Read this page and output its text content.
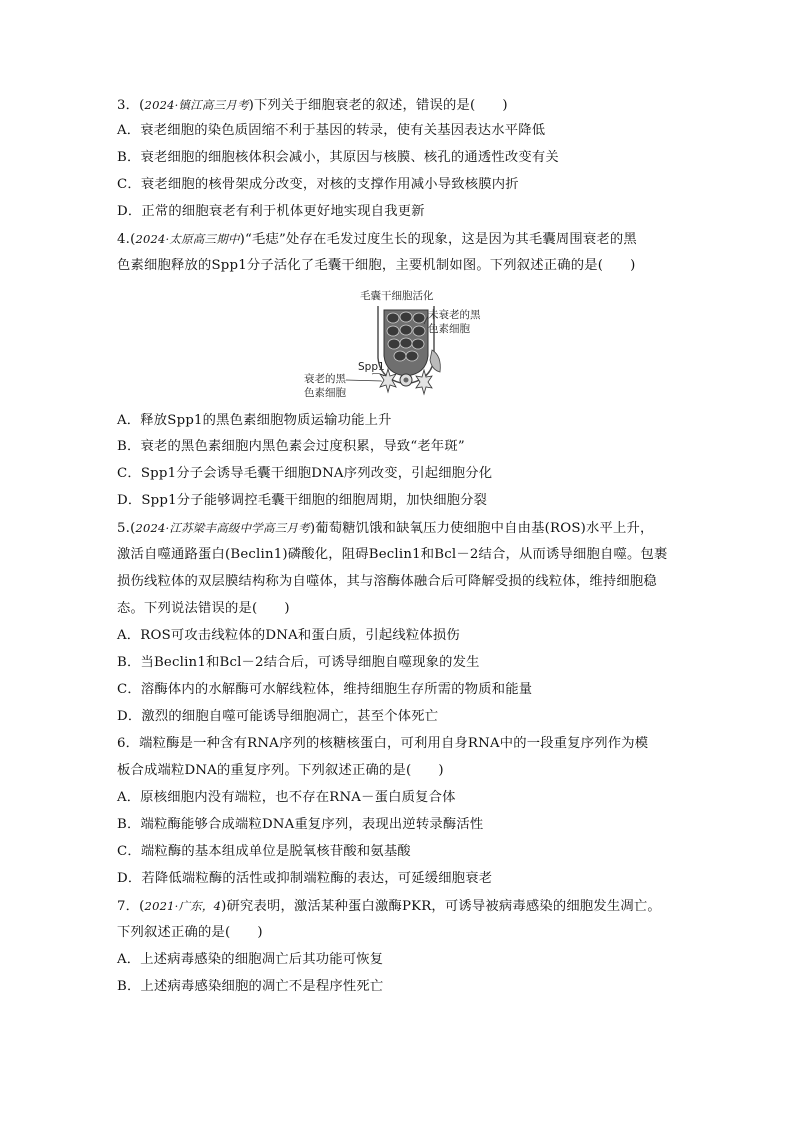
3．(2024·镇江高三月考)下列关于细胞衰老的叙述，错误的是(　　)
A．衰老细胞的染色质固缩不利于基因的转录，使有关基因表达水平降低
B．衰老细胞的细胞核体积会减小，其原因与核膜、核孔的通透性改变有关
C．衰老细胞的核骨架成分改变，对核的支撑作用减小导致核膜内折
D．正常的细胞衰老有利于机体更好地实现自我更新
4.(2024·太原高三期中)“毛痣”处存在毛发过度生长的现象，这是因为其毛囊周围衰老的黑
色素细胞释放的Spp1分子活化了毛囊干细胞，主要机制如图。下列叙述正确的是(　　)
毛囊干细胞活化
未衰老的黑
色素细胞
Spp1
衰老的黑
色素细胞
A．释放Spp1的黑色素细胞物质运输功能上升
B．衰老的黑色素细胞内黑色素会过度积累，导致“老年斑”
C．Spp1分子会诱导毛囊干细胞DNA序列改变，引起细胞分化
D．Spp1分子能够调控毛囊干细胞的细胞周期，加快细胞分裂
5.(2024·江苏梁丰高级中学高三月考)葡萄糖饥饿和缺氧压力使细胞中自由基(ROS)水平上升，
激活自噬通路蛋白(Beclin1)磷酸化，阻碍Beclin1和Bcl－2结合，从而诱导细胞自噬。包裹
损伤线粒体的双层膜结构称为自噬体，其与溶酶体融合后可降解受损的线粒体，维持细胞稳
态。下列说法错误的是(　　)
A．ROS可攻击线粒体的DNA和蛋白质，引起线粒体损伤
B．当Beclin1和Bcl－2结合后，可诱导细胞自噬现象的发生
C．溶酶体内的水解酶可水解线粒体，维持细胞生存所需的物质和能量
D．激烈的细胞自噬可能诱导细胞凋亡，甚至个体死亡
6．端粒酶是一种含有RNA序列的核糖核蛋白，可利用自身RNA中的一段重复序列作为模
板合成端粒DNA的重复序列。下列叙述正确的是(　　)
A．原核细胞内没有端粒，也不存在RNA－蛋白质复合体
B．端粒酶能够合成端粒DNA重复序列，表现出逆转录酶活性
C．端粒酶的基本组成单位是脱氧核苷酸和氨基酸
D．若降低端粒酶的活性或抑制端粒酶的表达，可延缓细胞衰老
7．(2021·广东，4)研究表明，激活某种蛋白激酶PKR，可诱导被病毒感染的细胞发生凋亡。
下列叙述正确的是(　　)
A．上述病毒感染的细胞凋亡后其功能可恢复
B．上述病毒感染细胞的凋亡不是程序性死亡
